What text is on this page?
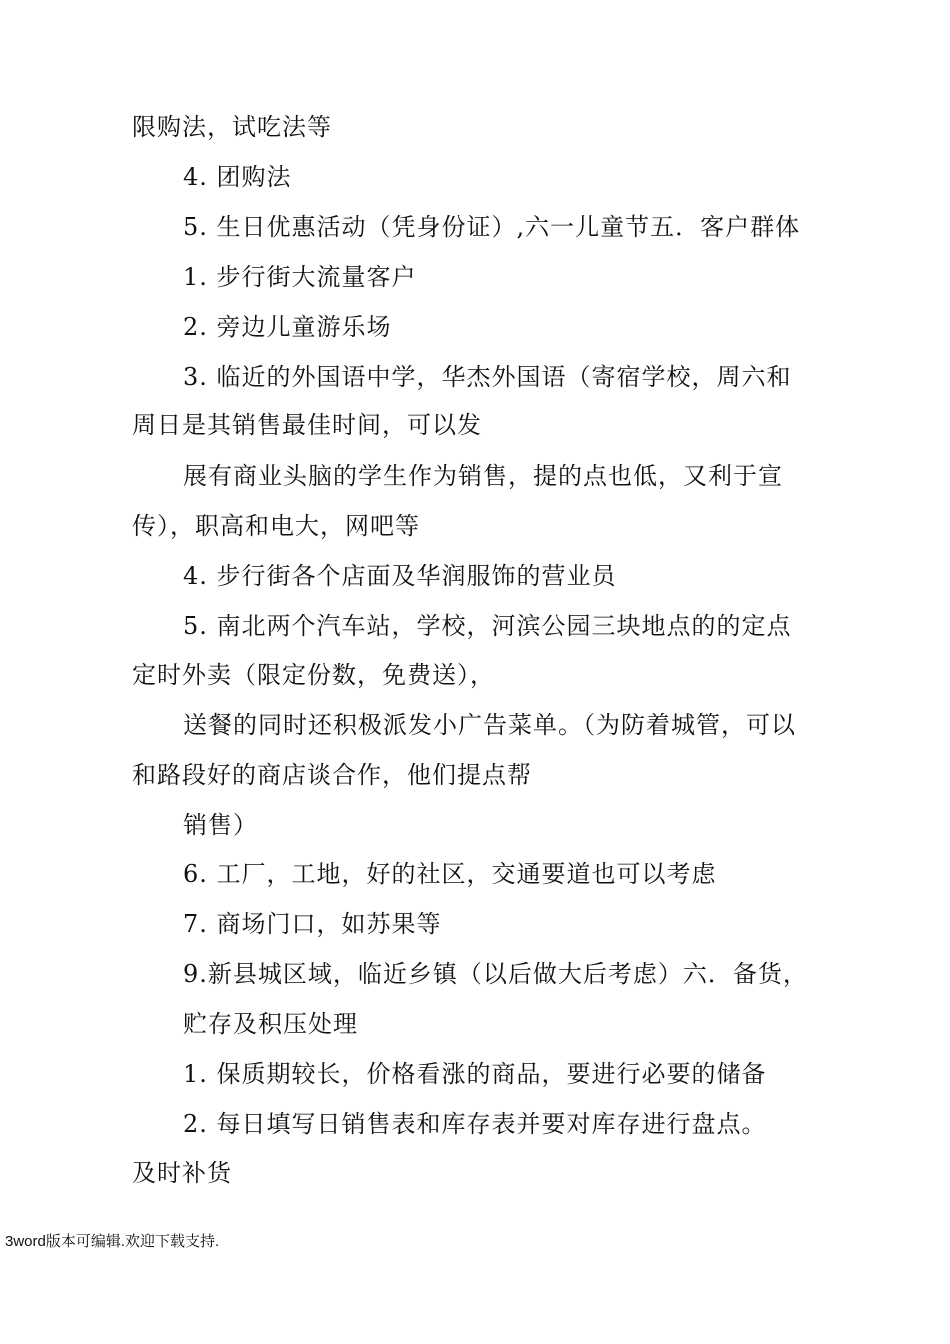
限购法，试吃法等
4. 团购法
5. 生日优惠活动（凭身份证）,六一儿童节五．客户群体
1. 步行街大流量客户
2. 旁边儿童游乐场
3. 临近的外国语中学，华杰外国语（寄宿学校，周六和
周日是其销售最佳时间，可以发
展有商业头脑的学生作为销售，提的点也低，又利于宣
传），职高和电大，网吧等
4. 步行街各个店面及华润服饰的营业员
5. 南北两个汽车站，学校，河滨公园三块地点的的定点
定时外卖（限定份数，免费送），
送餐的同时还积极派发小广告菜单。（为防着城管，可以
和路段好的商店谈合作，他们提点帮
销售）
6. 工厂，工地，好的社区，交通要道也可以考虑
7. 商场门口，如苏果等
9.新县城区域，临近乡镇（以后做大后考虑）六．备货，
贮存及积压处理
1. 保质期较长，价格看涨的商品，要进行必要的储备
2. 每日填写日销售表和库存表并要对库存进行盘点。
及时补货
3word版本可编辑.欢迎下载支持.
